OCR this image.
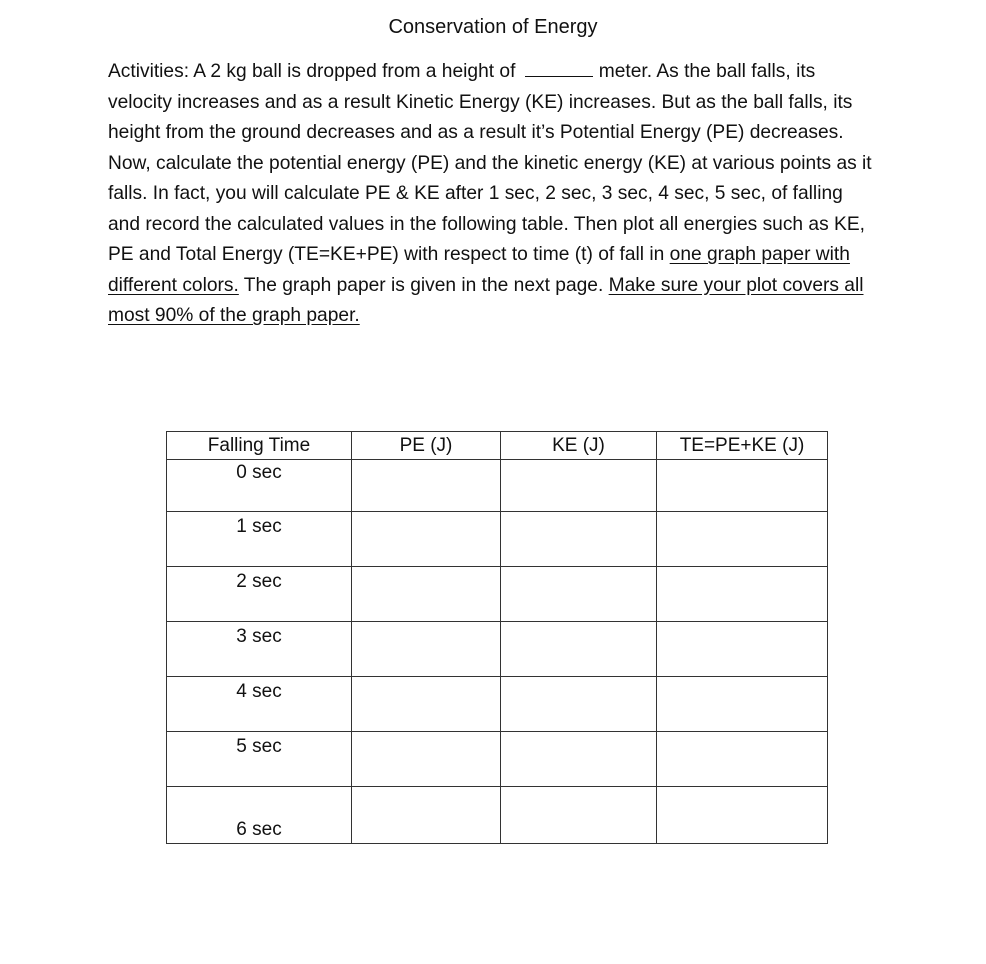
Conservation of Energy

Activities: A 2 kg ball is dropped from a height of	meter. As the ball falls, its velocity increases and as a result Kinetic Energy (KE) increases. But as the ball falls, its height from the ground decreases and as a result it’s Potential Energy (PE) decreases. Now, calculate the potential energy (PE) and the kinetic energy (KE) at various points as it falls. In fact, you will calculate PE & KE after 1 sec, 2 sec, 3 sec, 4 sec, 5 sec, of falling and record the calculated values in the following table. Then plot all energies such as KE, PE and Total Energy (TE=KE+PE) with respect to time (t) of fall in one graph paper with different colors. The graph paper is given in the next page. Make sure your plot covers all most 90% of the graph paper.

Falling Time	PE (J)	KE (J)	TE=PE+KE (J)
0 sec			
1 sec			
2 sec			
3 sec			
4 sec			
5 sec			
6 sec			
